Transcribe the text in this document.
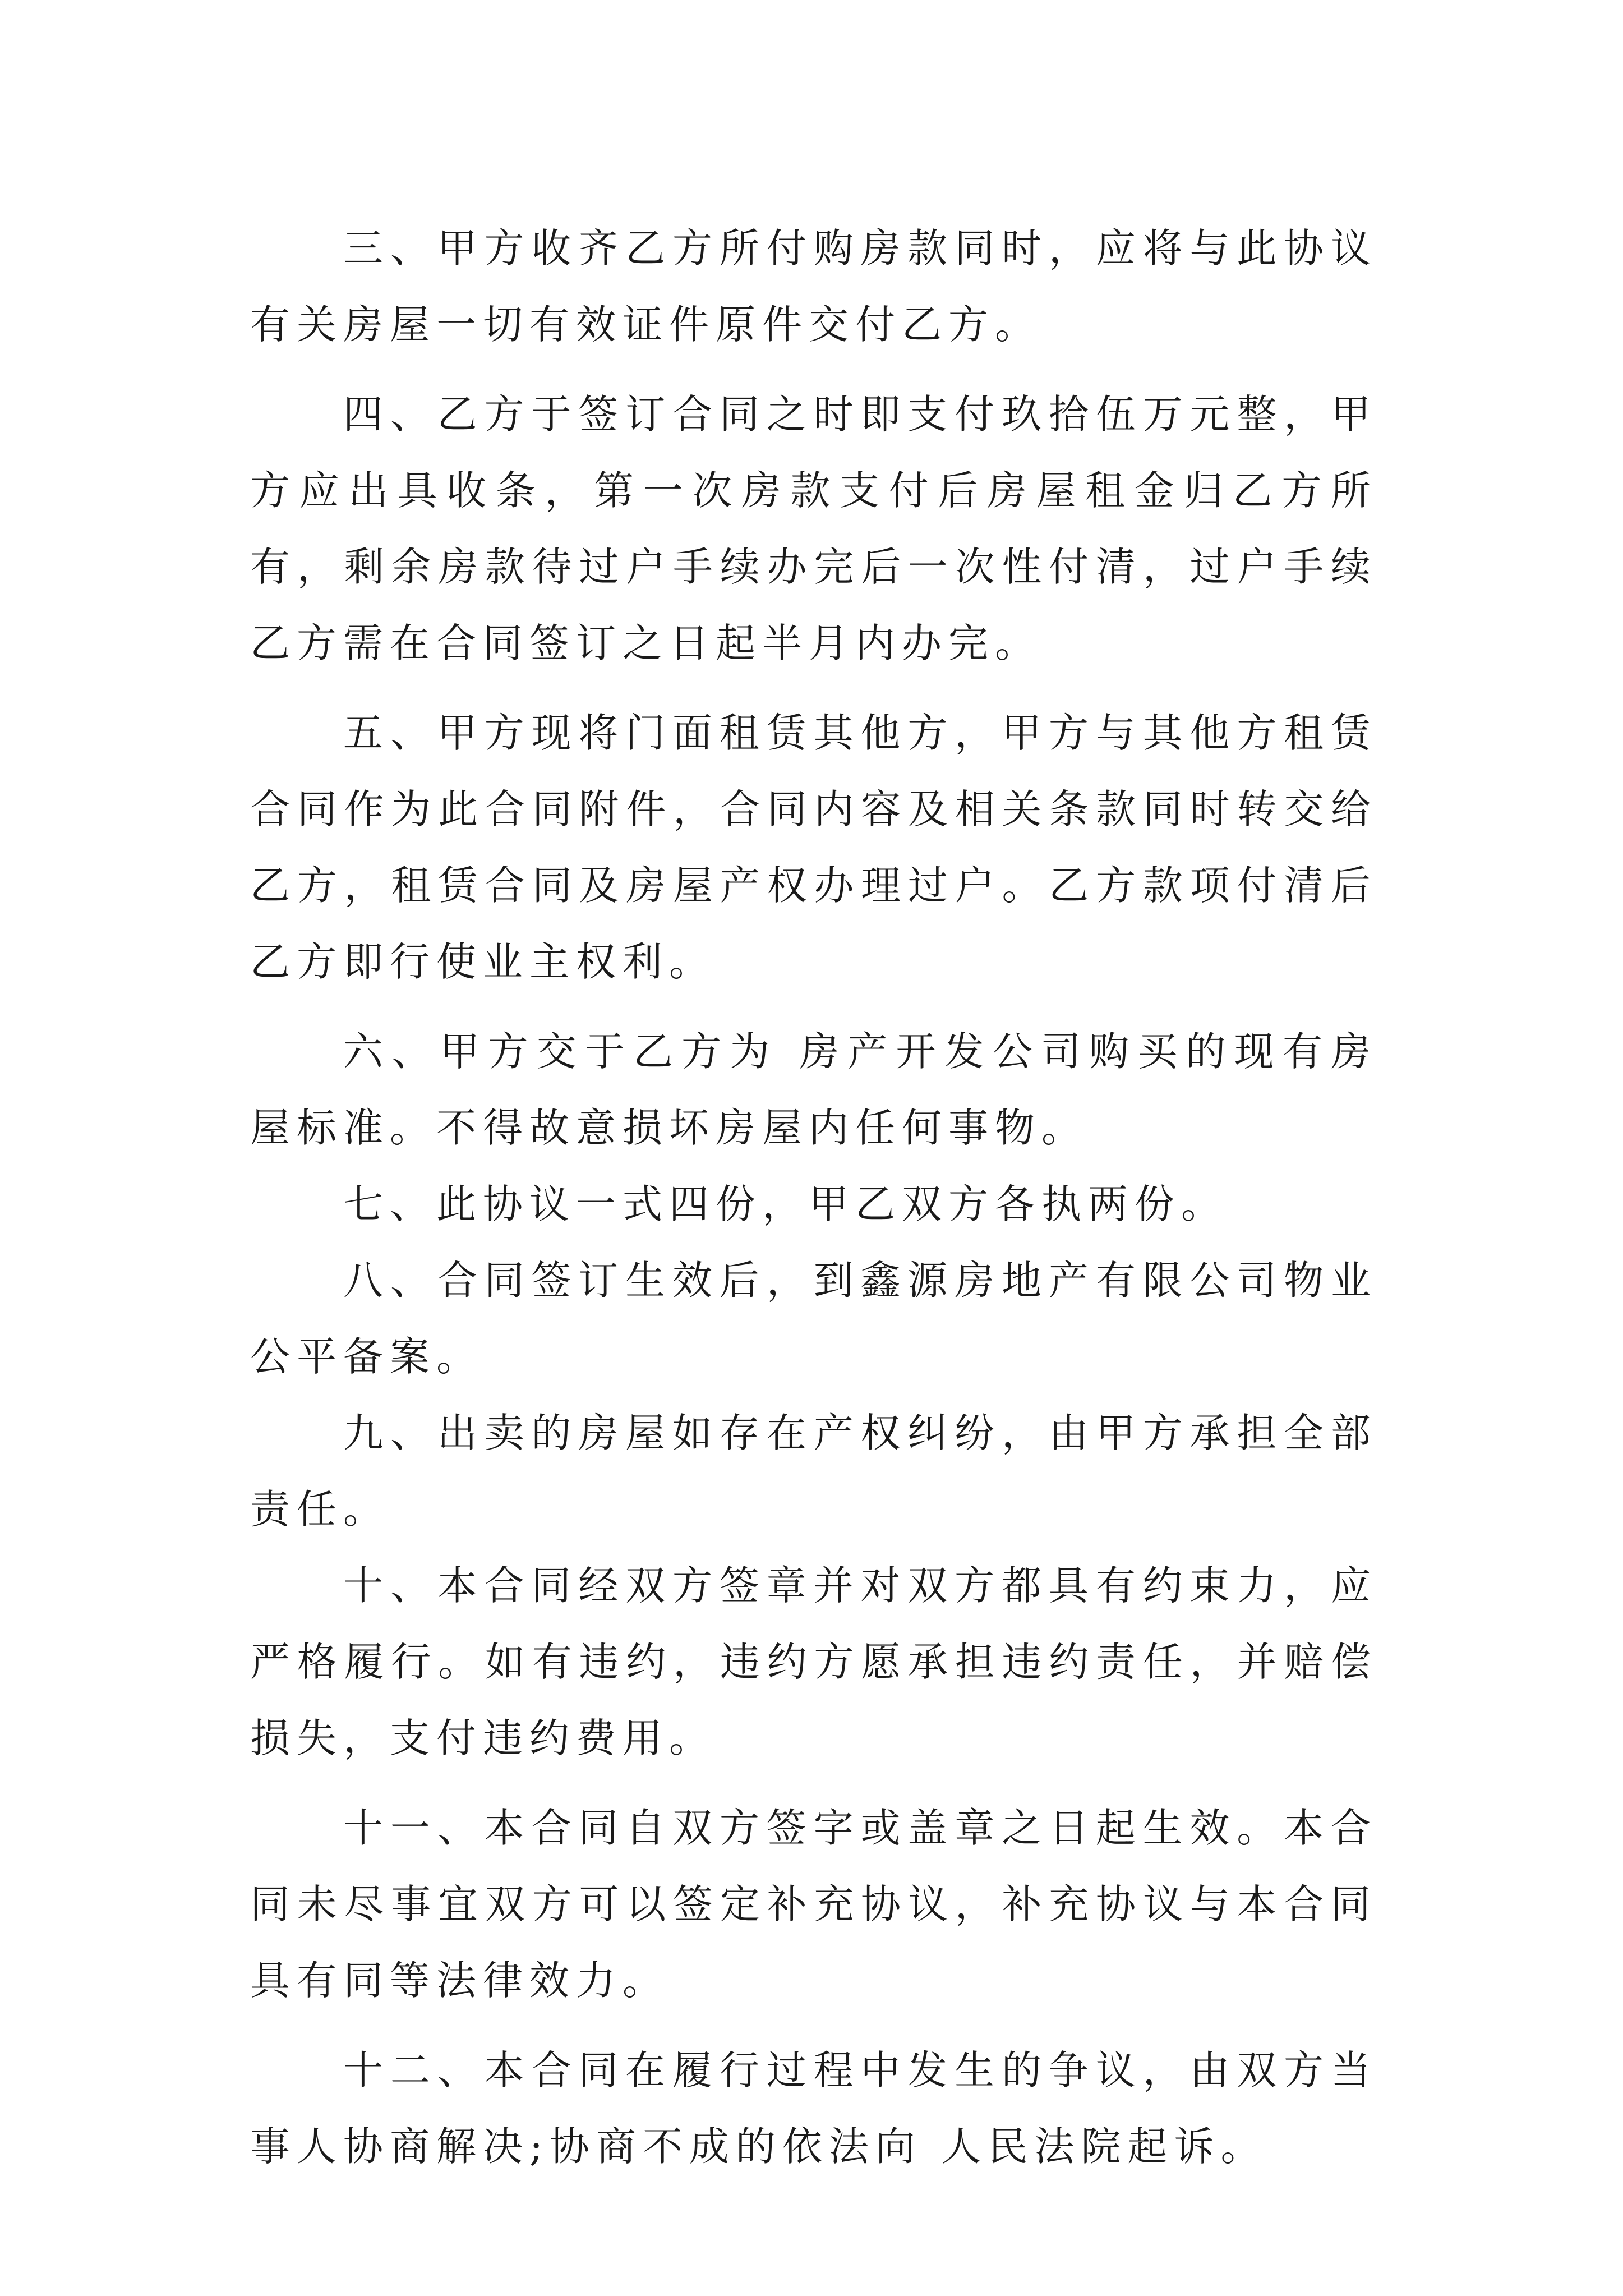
三、甲方收齐乙方所付购房款同时，应将与此协议有关房屋一切有效证件原件交付乙方。

四、乙方于签订合同之时即支付玖拾伍万元整，甲方应出具收条，第一次房款支付后房屋租金归乙方所有，剩余房款待过户手续办完后一次性付清，过户手续乙方需在合同签订之日起半月内办完。

五、甲方现将门面租赁其他方，甲方与其他方租赁合同作为此合同附件，合同内容及相关条款同时转交给乙方，租赁合同及房屋产权办理过户。乙方款项付清后乙方即行使业主权利。

六、甲方交于乙方为 房产开发公司购买的现有房屋标准。不得故意损坏房屋内任何事物。

七、此协议一式四份，甲乙双方各执两份。

八、合同签订生效后，到鑫源房地产有限公司物业公平备案。

九、出卖的房屋如存在产权纠纷，由甲方承担全部责任。

十、本合同经双方签章并对双方都具有约束力，应严格履行。如有违约，违约方愿承担违约责任，并赔偿损失，支付违约费用。

十一、本合同自双方签字或盖章之日起生效。本合同未尽事宜双方可以签定补充协议，补充协议与本合同具有同等法律效力。

十二、本合同在履行过程中发生的争议，由双方当事人协商解决;协商不成的依法向 人民法院起诉。
